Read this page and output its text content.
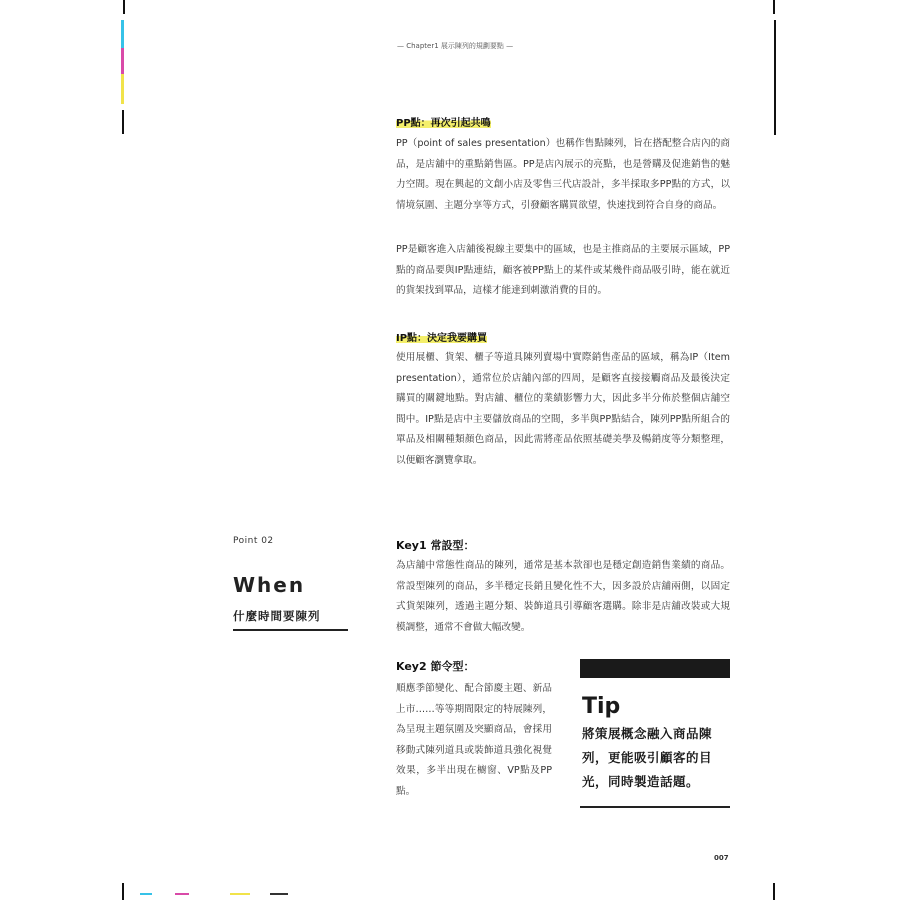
— Chapter1 展示陳列的規劃要點 —
PP點：再次引起共鳴

PP（point of sales presentation）也稱作售點陳列，旨在搭配整合店內的商品，是店舖中的重點銷售區。PP是店內展示的亮點，也是營購及促進銷售的魅力空間。現在興起的文創小店及零售三代店設計，多半採取多PP點的方式，以情境氛圍、主題分享等方式，引發顧客購買欲望，快速找到符合自身的商品。

PP是顧客進入店舖後視線主要集中的區域，也是主推商品的主要展示區域，PP點的商品要與IP點連結，顧客被PP點上的某件或某幾件商品吸引時，能在就近的貨架找到單品，這樣才能達到刺激消費的目的。

IP點：決定我要購買

使用展櫃、貨架、櫃子等道具陳列賣場中實際銷售產品的區域，稱為IP（Item presentation），通常位於店舖內部的四周，是顧客直接接觸商品及最後決定購買的關鍵地點。對店舖、櫃位的業績影響力大，因此多半分佈於整個店舖空間中。IP點是店中主要儲放商品的空間，多半與PP點結合，陳列PP點所組合的單品及相關種類顏色商品，因此需將產品依照基礎美學及暢銷度等分類整理，以便顧客瀏覽拿取。

Point 02
When
什麼時間要陳列
Key1 常設型：

為店舖中常態性商品的陳列，通常是基本款卻也是穩定創造銷售業績的商品。常設型陳列的商品，多半穩定長銷且變化性不大，因多設於店舖兩側，以固定式貨架陳列，透過主題分類、裝飾道具引導顧客選購。除非是店舖改裝或大規模調整，通常不會做大幅改變。

Key2 節令型：

順應季節變化、配合節慶主題、新品上市……等等期間限定的特展陳列，為呈現主題氛圍及突顯商品，會採用移動式陳列道具或裝飾道具強化視覺效果，多半出現在櫥窗、VP點及PP點。

Tip
將策展概念融入商品陳列，更能吸引顧客的目光，同時製造話題。
007
